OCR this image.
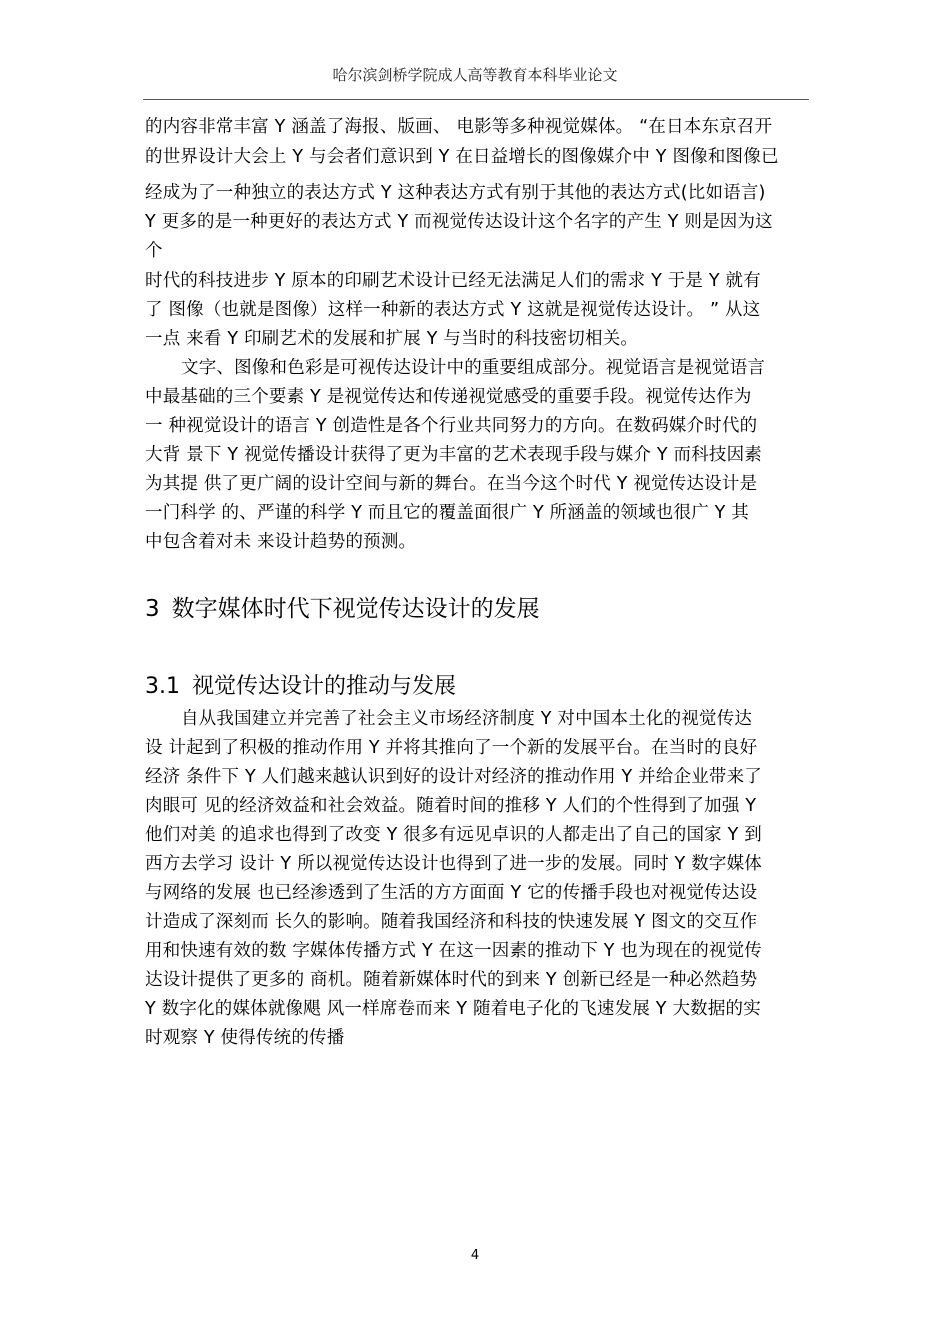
哈尔滨剑桥学院成人高等教育本科毕业论文
的内容非常丰富 Y 涵盖了海报、版画、 电影等多种视觉媒体。 “在日本东京召开
的世界设计大会上 Y 与会者们意识到 Y 在日益增长的图像媒介中 Y 图像和图像已
经成为了一种独立的表达方式 Y 这种表达方式有别于其他的表达方式(比如语言)
Y 更多的是一种更好的表达方式 Y 而视觉传达设计这个名字的产生 Y 则是因为这
个
时代的科技进步 Y 原本的印刷艺术设计已经无法满足人们的需求 Y 于是 Y 就有
了 图像（也就是图像）这样一种新的表达方式 Y 这就是视觉传达设计。 ” 从这
一点 来看 Y 印刷艺术的发展和扩展 Y 与当时的科技密切相关。
文字、图像和色彩是可视传达设计中的重要组成部分。视觉语言是视觉语言
中最基础的三个要素 Y 是视觉传达和传递视觉感受的重要手段。视觉传达作为
一 种视觉设计的语言 Y 创造性是各个行业共同努力的方向。在数码媒介时代的
大背 景下 Y 视觉传播设计获得了更为丰富的艺术表现手段与媒介 Y 而科技因素
为其提 供了更广阔的设计空间与新的舞台。在当今这个时代 Y 视觉传达设计是
一门科学 的、严谨的科学 Y 而且它的覆盖面很广 Y 所涵盖的领域也很广 Y 其
中包含着对未 来设计趋势的预测。
3 数字媒体时代下视觉传达设计的发展
3.1 视觉传达设计的推动与发展
自从我国建立并完善了社会主义市场经济制度 Y 对中国本土化的视觉传达
设 计起到了积极的推动作用 Y 并将其推向了一个新的发展平台。在当时的良好
经济 条件下 Y 人们越来越认识到好的设计对经济的推动作用 Y 并给企业带来了
肉眼可 见的经济效益和社会效益。随着时间的推移 Y 人们的个性得到了加强 Y
他们对美 的追求也得到了改变 Y 很多有远见卓识的人都走出了自己的国家 Y 到
西方去学习 设计 Y 所以视觉传达设计也得到了进一步的发展。同时 Y 数字媒体
与网络的发展 也已经渗透到了生活的方方面面 Y 它的传播手段也对视觉传达设
计造成了深刻而 长久的影响。随着我国经济和科技的快速发展 Y 图文的交互作
用和快速有效的数 字媒体传播方式 Y 在这一因素的推动下 Y 也为现在的视觉传
达设计提供了更多的 商机。随着新媒体时代的到来 Y 创新已经是一种必然趋势
Y 数字化的媒体就像飓 风一样席卷而来 Y 随着电子化的飞速发展 Y 大数据的实
时观察 Y 使得传统的传播
4
